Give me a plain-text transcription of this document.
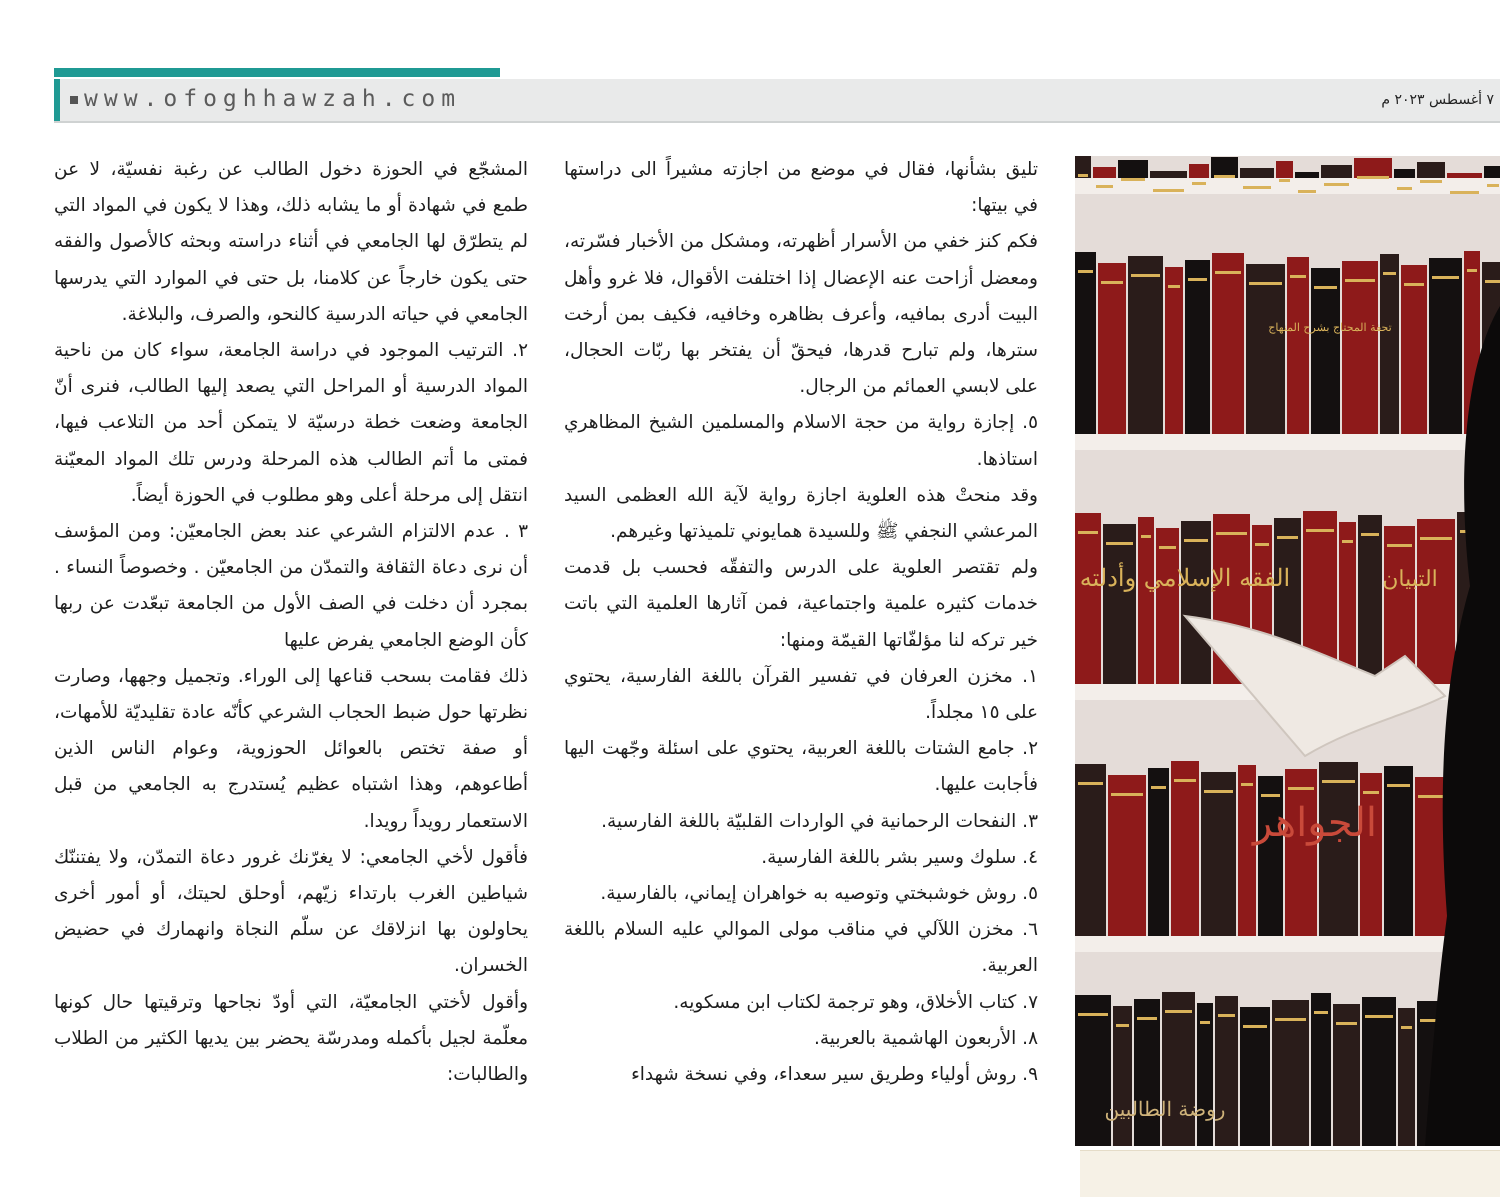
www.ofoghhawzah.com	٧ أغسطس ٢٠٢٣ م

المشجّع في الحوزة دخول الطالب عن رغبة نفسيّة، لا عن طمع في شهادة أو ما يشابه ذلك، وهذا لا يكون في المواد التي لم يتطرّق لها الجامعي في أثناء دراسته وبحثه كالأصول والفقه حتى يكون خارجاً عن كلامنا، بل حتى في الموارد التي يدرسها الجامعي في حياته الدرسية كالنحو، والصرف، والبلاغة.

٢. الترتيب الموجود في دراسة الجامعة، سواء كان من ناحية المواد الدرسية أو المراحل التي يصعد إليها الطالب، فنرى أنّ الجامعة وضعت خطة درسيّة لا يتمكن أحد من التلاعب فيها، فمتى ما أتم الطالب هذه المرحلة ودرس تلك المواد المعيّنة انتقل إلى مرحلة أعلى وهو مطلوب في الحوزة أيضاً.

٣ . عدم الالتزام الشرعي عند بعض الجامعيّن: ومن المؤسف أن نرى دعاة الثقافة والتمدّن من الجامعيّن . وخصوصاً النساء . بمجرد أن دخلت في الصف الأول من الجامعة تبعّدت عن ربها كأن الوضع الجامعي يفرض عليها

ذلك فقامت بسحب قناعها إلى الوراء. وتجميل وجهها، وصارت نظرتها حول ضبط الحجاب الشرعي كأنّه عادة تقليديّة للأمهات، أو صفة تختص بالعوائل الحوزوية، وعوام الناس الذين أطاعوهم، وهذا اشتباه عظيم يُستدرج به الجامعي من قبل الاستعمار رويداً رويدا.

فأقول لأخي الجامعي: لا يغرّنك غرور دعاة التمدّن، ولا يفتننّك شياطين الغرب بارتداء زيّهم، أوحلق لحيتك، أو أمور أخرى يحاولون بها انزلاقك عن سلّم النجاة وانهمارك في حضيض الخسران.

وأقول لأختي الجامعيّة، التي أودّ نجاحها وترقيتها حال كونها معلّمة لجيل بأكمله ومدرسّة يحضر بين يديها الكثير من الطلاب والطالبات:

تليق بشأنها، فقال في موضع من اجازته مشيراً الى دراستها في بيتها:

فكم كنز خفي من الأسرار أظهرته، ومشكل من الأخبار فسّرته، ومعضل أزاحت عنه الإعضال إذا اختلفت الأقوال، فلا غرو وأهل البيت أدرى بمافيه، وأعرف بظاهره وخافيه، فكيف بمن أرخت سترها، ولم تبارح قدرها، فيحقّ أن يفتخر بها ربّات الحجال، على لابسي العمائم من الرجال.

٥. إجازة رواية من حجة الاسلام والمسلمين الشيخ المظاهري استاذها.

وقد منحتْ هذه العلوية اجازة رواية لآية الله العظمى السيد المرعشي النجفي ﷺ وللسيدة همايوني تلميذتها وغيرهم.

ولم تقتصر العلوية على الدرس والتفقّه فحسب بل قدمت خدمات كثيره علمية واجتماعية، فمن آثارها العلمية التي باتت خير تركه لنا مؤلفّاتها القيمّة ومنها:

١. مخزن العرفان في تفسير القرآن باللغة الفارسية، يحتوي على ١٥ مجلداً.

٢. جامع الشتات باللغة العربية، يحتوي على اسئلة وجّهت اليها فأجابت عليها.

٣. النفحات الرحمانية في الواردات القلبيّة باللغة الفارسية.

٤. سلوك وسير بشر باللغة الفارسية.

٥. روش خوشبختي وتوصيه به خواهران إيماني، بالفارسية.

٦. مخزن اللآلي في مناقب مولى الموالي عليه السلام باللغة العربية.

٧. كتاب الأخلاق، وهو ترجمة لكتاب ابن مسكويه.

٨. الأربعون الهاشمية بالعربية.

٩. روش أولياء وطريق سير سعداء، وفي نسخة شهداء

الفقه الإسلامي وأدلته	التبيان
الجواهر
روضة الطالبين
تحفة المحتاج بشرح المنهاج
